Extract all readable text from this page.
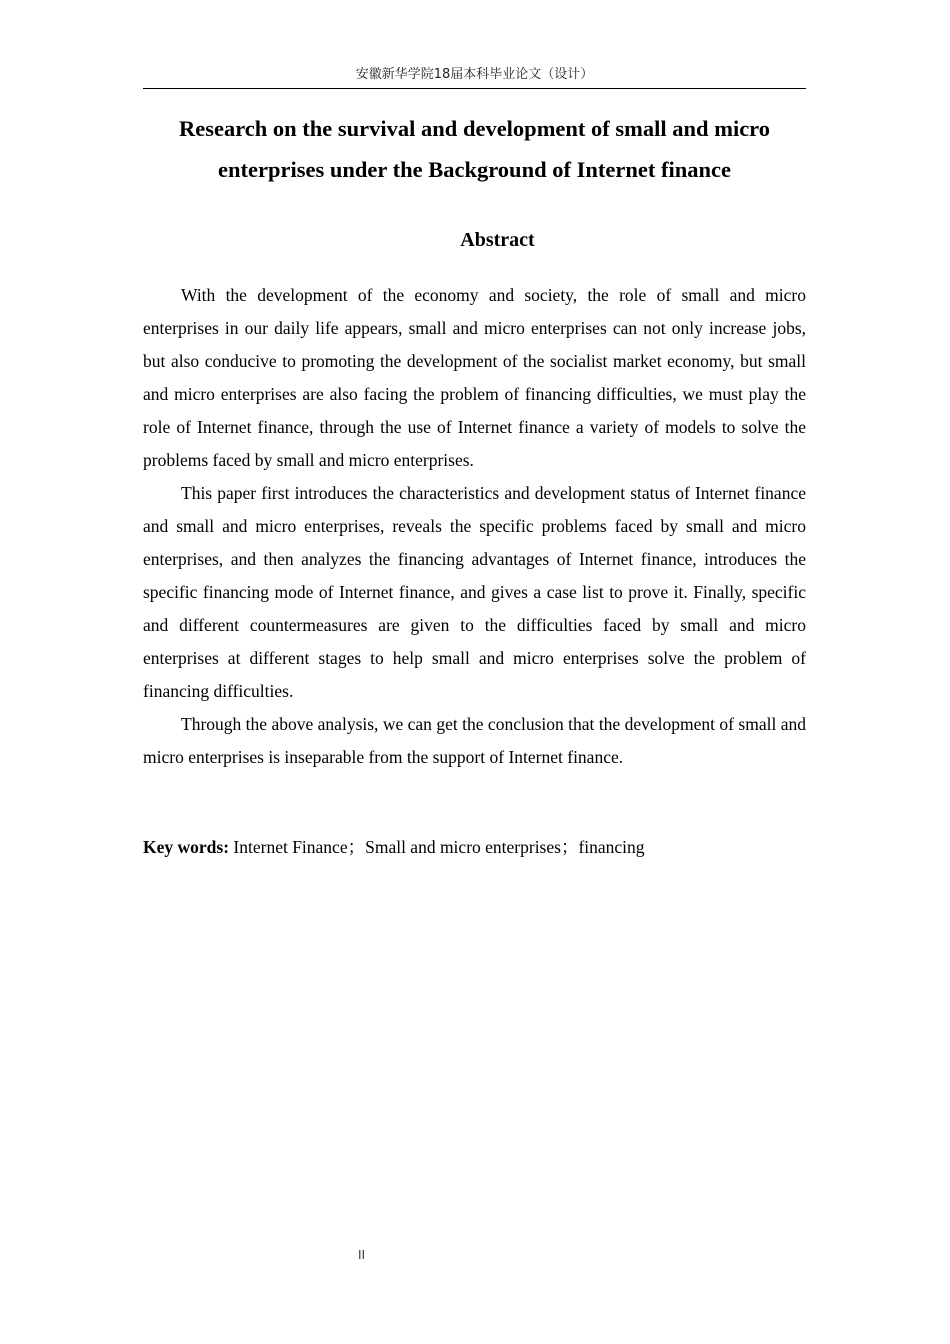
安徽新华学院18届本科毕业论文（设计）
Research on the survival and development of small and micro
enterprises under the Background of Internet finance
Abstract

With the development of the economy and society, the role of small and micro enterprises in our daily life appears, small and micro enterprises can not only increase jobs, but also conducive to promoting the development of the socialist market economy, but small and micro enterprises are also facing the problem of financing difficulties, we must play the role of Internet finance, through the use of Internet finance a variety of models to solve the problems faced by small and micro enterprises.

This paper first introduces the characteristics and development status of Internet finance and small and micro enterprises, reveals the specific problems faced by small and micro enterprises, and then analyzes the financing advantages of Internet finance, introduces the specific financing mode of Internet finance, and gives a case list to prove it. Finally, specific and different countermeasures are given to the difficulties faced by small and micro enterprises at different stages to help small and micro enterprises solve the problem of financing difficulties.

Through the above analysis, we can get the conclusion that the development of small and micro enterprises is inseparable from the support of Internet finance.

Key words: Internet Finance；Small and micro enterprises；financing
II
